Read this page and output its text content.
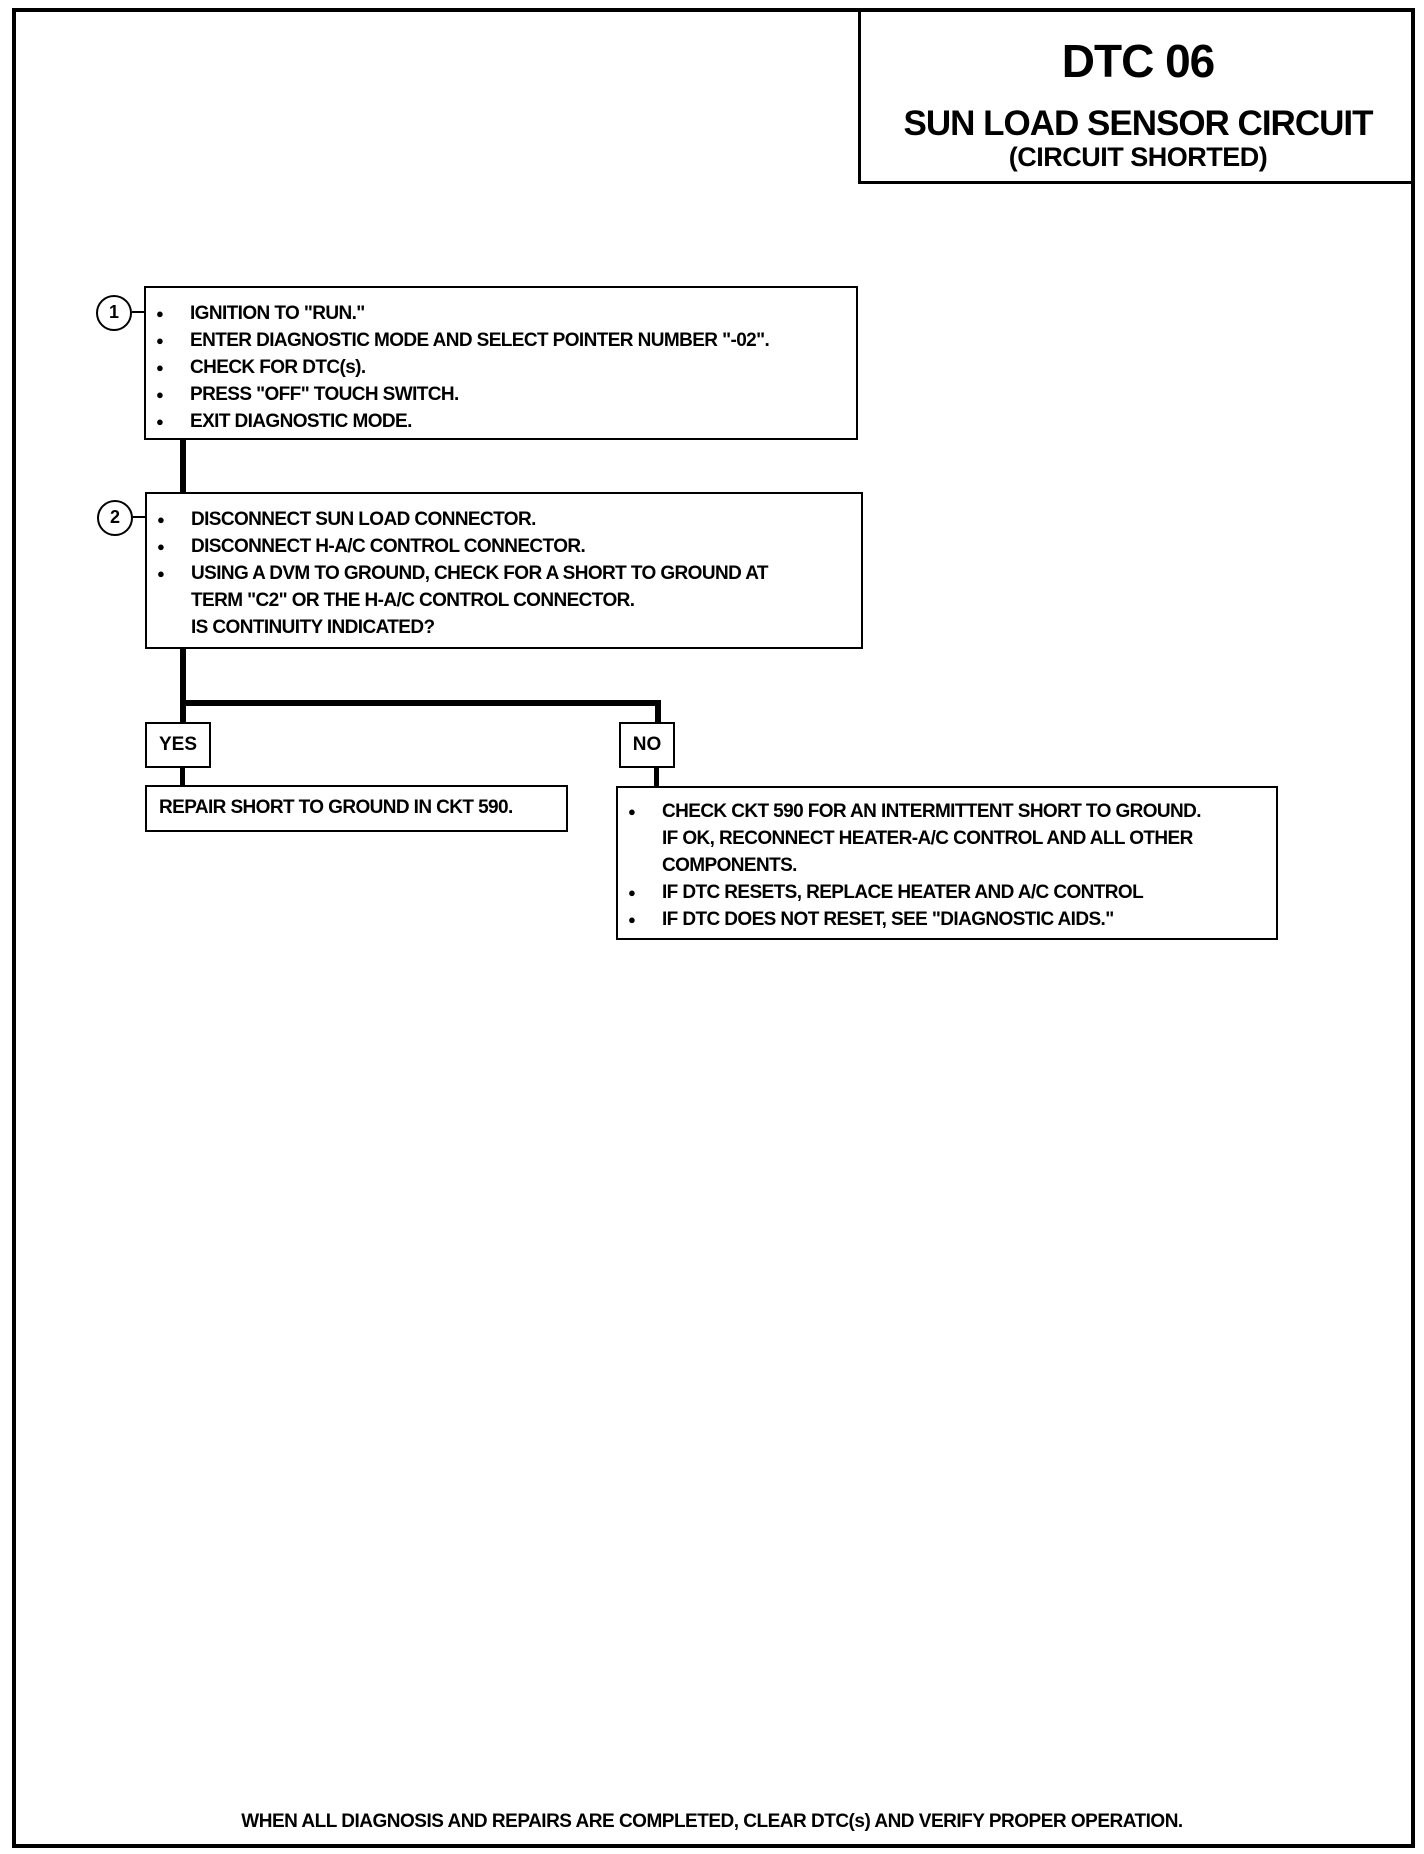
DTC 06
SUN LOAD SENSOR CIRCUIT
(CIRCUIT SHORTED)
1	● IGNITION TO "RUN."
● ENTER DIAGNOSTIC MODE AND SELECT POINTER NUMBER "-02".
● CHECK FOR DTC(s).
● PRESS "OFF" TOUCH SWITCH.
● EXIT DIAGNOSTIC MODE.
2	● DISCONNECT SUN LOAD CONNECTOR.
● DISCONNECT H-A/C CONTROL CONNECTOR.
● USING A DVM TO GROUND, CHECK FOR A SHORT TO GROUND AT
TERM "C2" OR THE H-A/C CONTROL CONNECTOR.
IS CONTINUITY INDICATED?
YES	NO
REPAIR SHORT TO GROUND IN CKT 590.	● CHECK CKT 590 FOR AN INTERMITTENT SHORT TO GROUND.
IF OK, RECONNECT HEATER-A/C CONTROL AND ALL OTHER
COMPONENTS.
● IF DTC RESETS, REPLACE HEATER AND A/C CONTROL
● IF DTC DOES NOT RESET, SEE "DIAGNOSTIC AIDS."
WHEN ALL DIAGNOSIS AND REPAIRS ARE COMPLETED, CLEAR DTC(s) AND VERIFY PROPER OPERATION.
